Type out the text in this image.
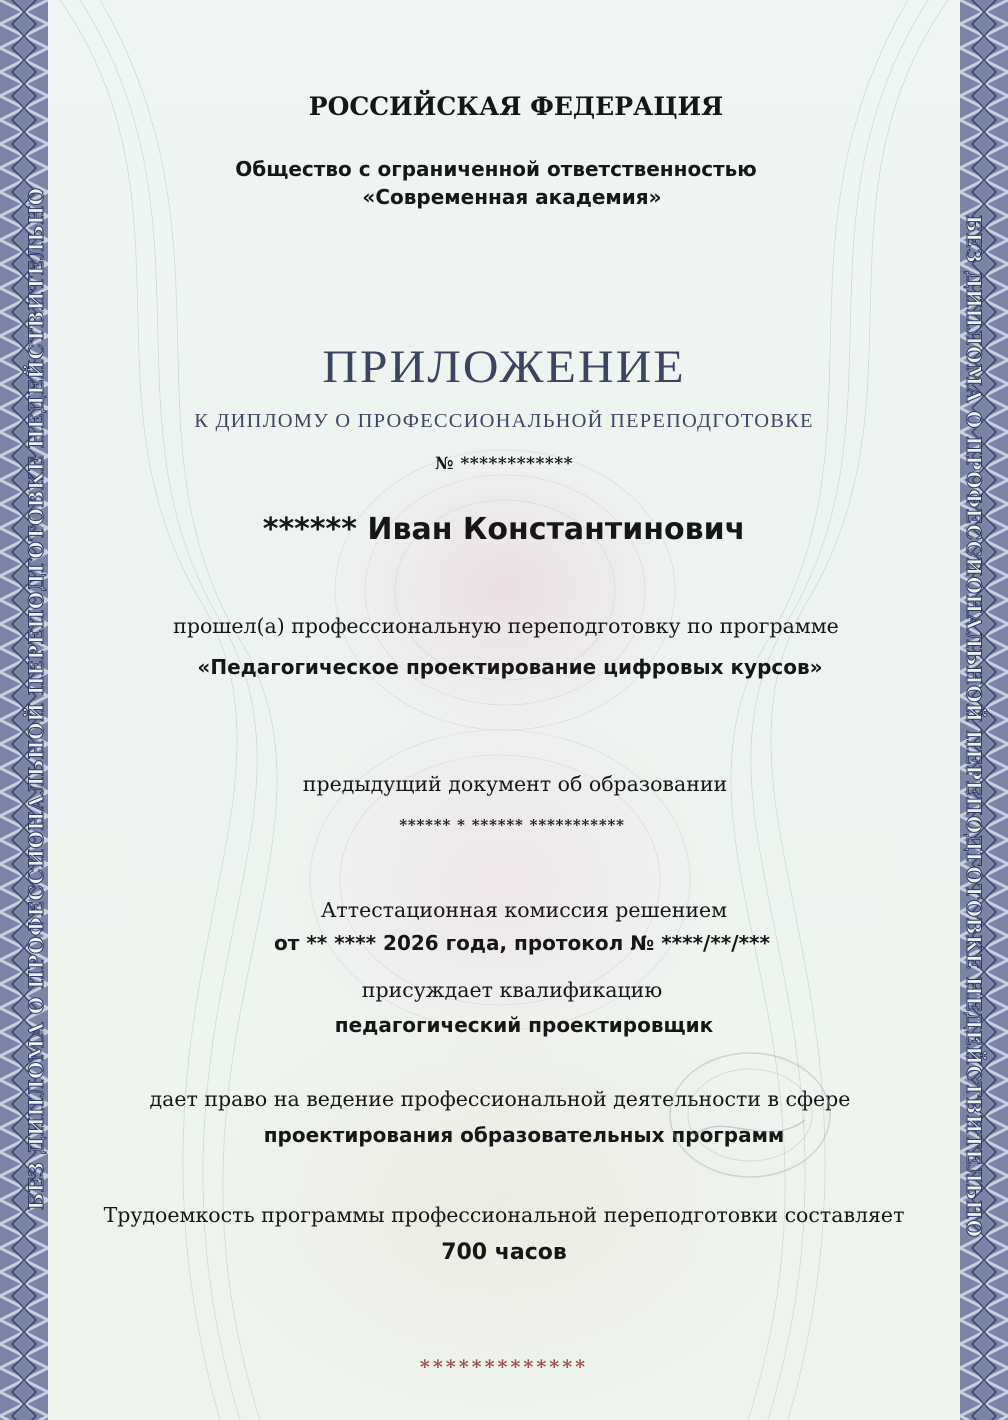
БЕЗ ДИПЛОМА О ПРОФЕССИОНАЛЬНОЙ ПЕРЕПОДГОТОВКЕ НЕДЕЙСТВИТЕЛЬНО	БЕЗ ДИПЛОМА О ПРОФЕССИОНАЛЬНОЙ ПЕРЕПОДГОТОВКЕ НЕДЕЙСТВИТЕЛЬНО
РОССИЙСКАЯ ФЕДЕРАЦИЯ
Общество с ограниченной ответственностью
«Современная академия»
ПРИЛОЖЕНИЕ
К ДИПЛОМУ О ПРОФЕССИОНАЛЬНОЙ ПЕРЕПОДГОТОВКЕ
№ ************
****** Иван Константинович
прошел(а) профессиональную переподготовку по программе
«Педагогическое проектирование цифровых курсов»
предыдущий документ об образовании
****** * ****** ***********
Аттестационная комиссия решением
от ** **** 2026 года, протокол № ****/**/***
присуждает квалификацию
педагогический проектировщик
дает право на ведение профессиональной деятельности в сфере
проектирования образовательных программ
Трудоемкость программы профессиональной переподготовки составляет
700 часов
*************
